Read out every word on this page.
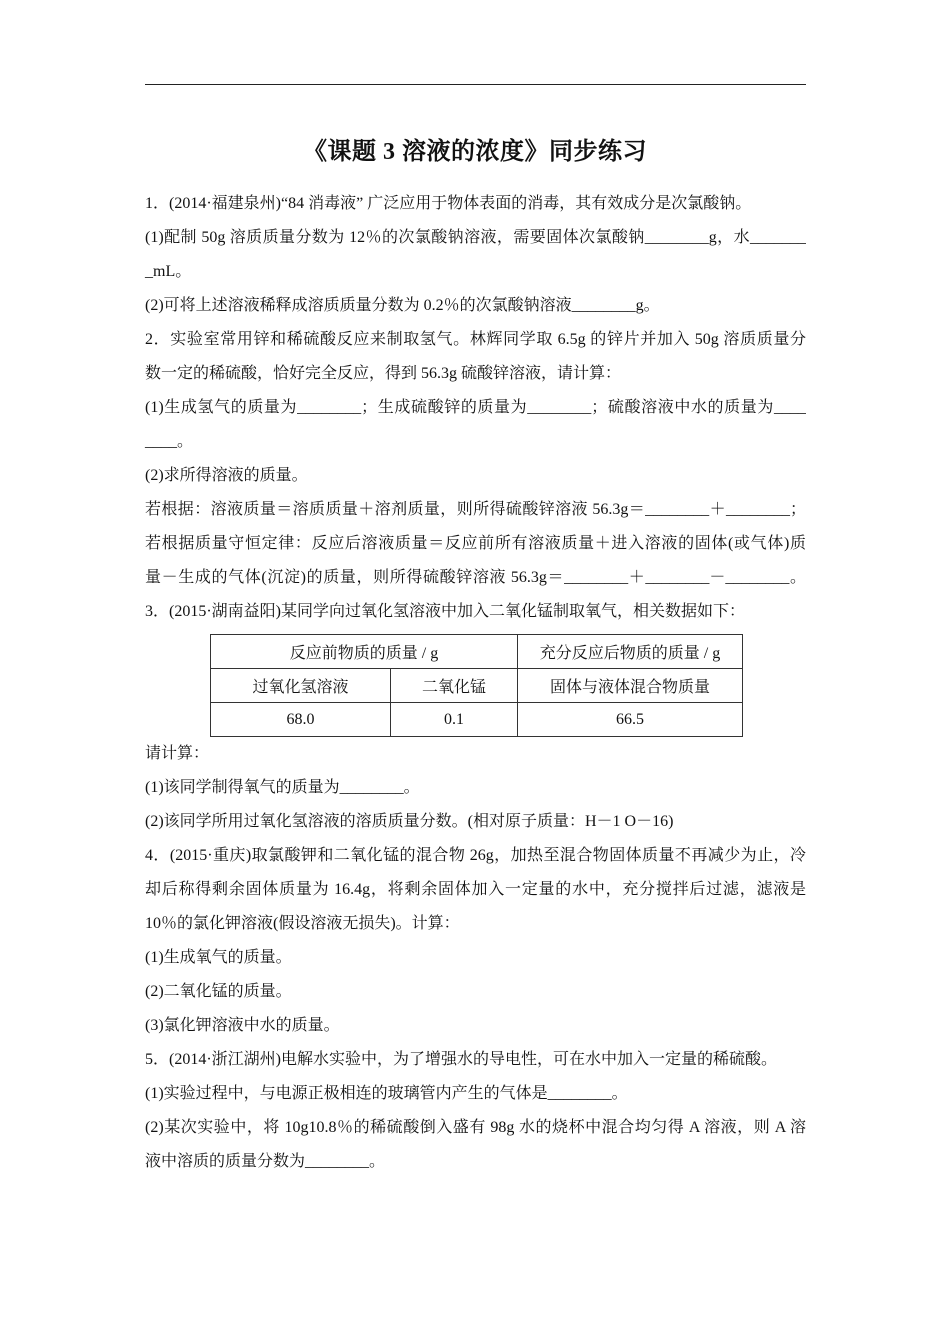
《课题 3 溶液的浓度》同步练习
1．(2014·福建泉州)“84 消毒液” 广泛应用于物体表面的消毒，其有效成分是次氯酸钠。
(1)配制 50g 溶质质量分数为 12％的次氯酸钠溶液，需要固体次氯酸钠________g，水_______
_mL。
(2)可将上述溶液稀释成溶质质量分数为 0.2％的次氯酸钠溶液________g。
2．实验室常用锌和稀硫酸反应来制取氢气。林辉同学取 6.5g 的锌片并加入 50g 溶质质量分
数一定的稀硫酸，恰好完全反应，得到 56.3g 硫酸锌溶液，请计算：
(1)生成氢气的质量为________；生成硫酸锌的质量为________；硫酸溶液中水的质量为____
____。
(2)求所得溶液的质量。
若根据：溶液质量＝溶质质量＋溶剂质量，则所得硫酸锌溶液 56.3g＝________＋________；
若根据质量守恒定律：反应后溶液质量＝反应前所有溶液质量＋进入溶液的固体(或气体)质
量－生成的气体(沉淀)的质量，则所得硫酸锌溶液 56.3g＝________＋________－________。
3．(2015·湖南益阳)某同学向过氧化氢溶液中加入二氧化锰制取氧气，相关数据如下：
反应前物质的质量 / g		充分反应后物质的质量 / g
过氧化氢溶液	二氧化锰	固体与液体混合物质量
68.0	0.1	66.5
请计算：
(1)该同学制得氧气的质量为________。
(2)该同学所用过氧化氢溶液的溶质质量分数。(相对原子质量：H－1 O－16)
4．(2015·重庆)取氯酸钾和二氧化锰的混合物 26g，加热至混合物固体质量不再减少为止，冷
却后称得剩余固体质量为 16.4g，将剩余固体加入一定量的水中，充分搅拌后过滤，滤液是
10％的氯化钾溶液(假设溶液无损失)。计算：
(1)生成氧气的质量。
(2)二氧化锰的质量。
(3)氯化钾溶液中水的质量。
5．(2014·浙江湖州)电解水实验中，为了增强水的导电性，可在水中加入一定量的稀硫酸。
(1)实验过程中，与电源正极相连的玻璃管内产生的气体是________。
(2)某次实验中，将 10g10.8％的稀硫酸倒入盛有 98g 水的烧杯中混合均匀得 A 溶液，则 A 溶
液中溶质的质量分数为________。
